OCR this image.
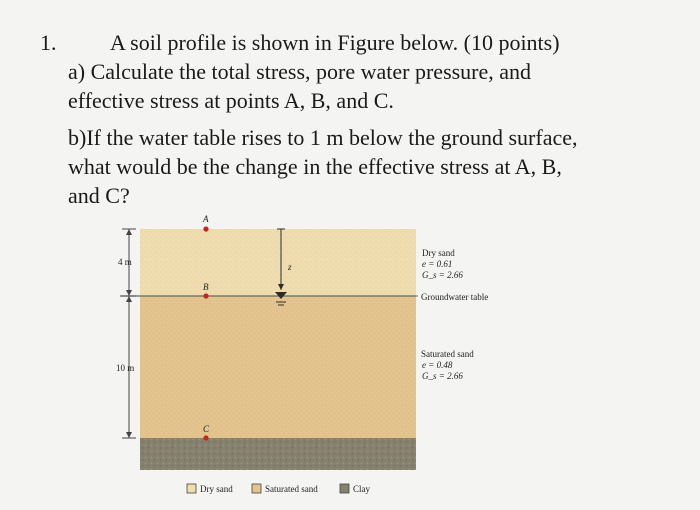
1. A soil profile is shown in Figure below. (10 points)
a) Calculate the total stress, pore water pressure, and
effective stress at points A, B, and C.
b)If the water table rises to 1 m below the ground surface,
what would be the change in the effective stress at A, B,
and C?
z
4 m
10 m
A
B
C
Dry sand
e = 0.61
G_s = 2.66
Groundwater table
Saturated sand
e = 0.48
G_s = 2.66
Dry sand	Saturated sand	Clay
